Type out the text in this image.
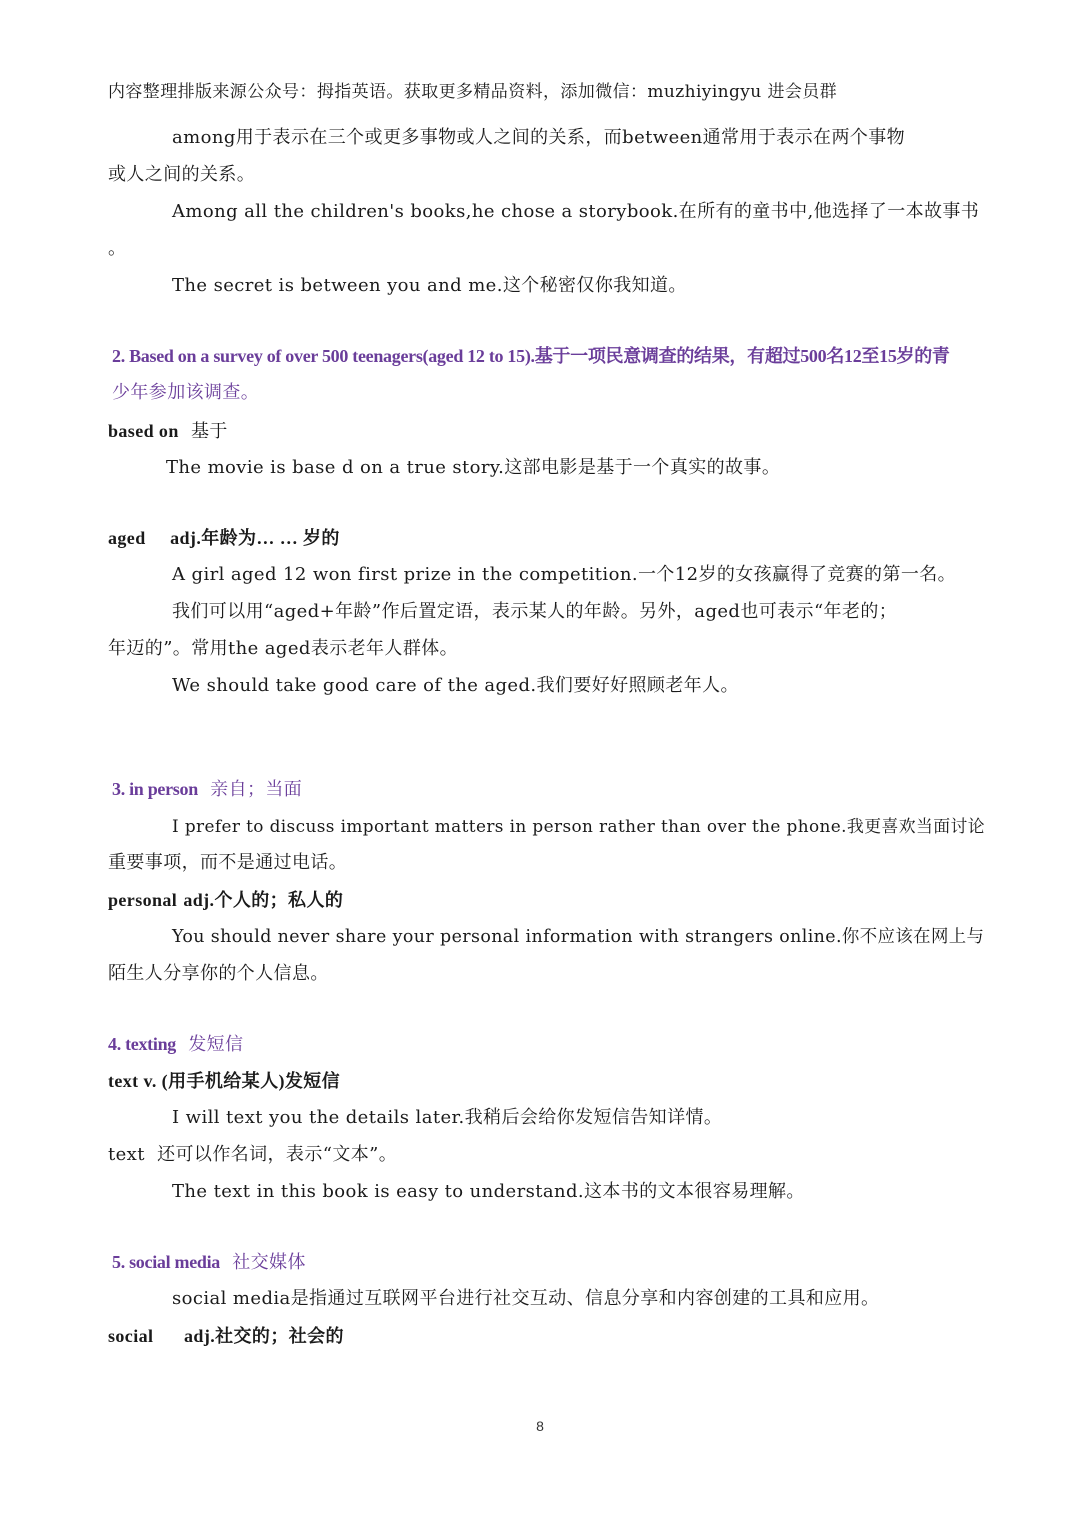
内容整理排版来源公众号：拇指英语。获取更多精品资料，添加微信：muzhiyingyu 进会员群
among用于表示在三个或更多事物或人之间的关系，而between通常用于表示在两个事物
或人之间的关系。
Among all the children's books,he chose a storybook.在所有的童书中,他选择了一本故事书
。
The secret is between you and me.这个秘密仅你我知道。
2. Based on a survey of over 500 teenagers(aged 12 to 15).基于一项民意调查的结果，有超过500名12至15岁的青
少年参加该调查。
based on 基于
The movie is base d on a true story.这部电影是基于一个真实的故事。
aged adj.年龄为… … 岁的
A girl aged 12 won first prize in the competition.一个12岁的女孩赢得了竞赛的第一名。
我们可以用“aged+年龄”作后置定语，表示某人的年龄。另外，aged也可表示“年老的；
年迈的”。常用the aged表示老年人群体。
We should take good care of the aged.我们要好好照顾老年人。
3. in person 亲自；当面
I prefer to discuss important matters in person rather than over the phone.我更喜欢当面讨论
重要事项，而不是通过电话。
personal adj.个人的；私人的
You should never share your personal information with strangers online.你不应该在网上与
陌生人分享你的个人信息。
4. texting 发短信
text v. (用手机给某人)发短信
I will text you the details later.我稍后会给你发短信告知详情。
text 还可以作名词，表示“文本”。
The text in this book is easy to understand.这本书的文本很容易理解。
5. social media 社交媒体
social media是指通过互联网平台进行社交互动、信息分享和内容创建的工具和应用。
social adj.社交的；社会的
8
